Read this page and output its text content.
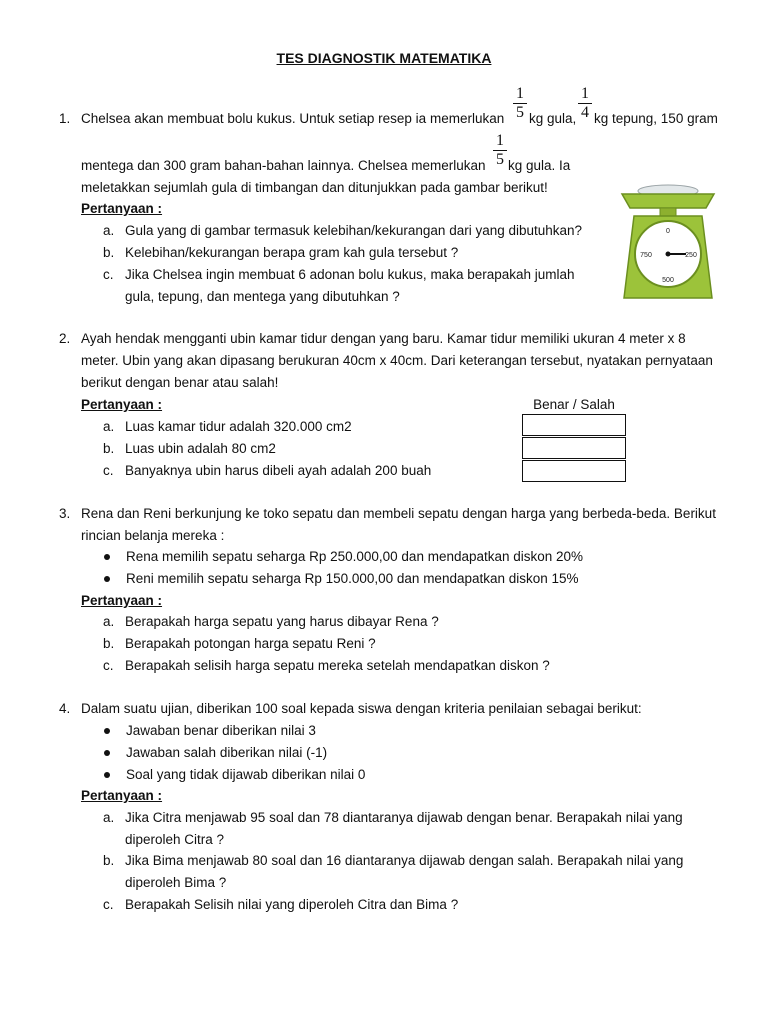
TES DIAGNOSTIK MATEMATIKA
1. Chelsea akan membuat bolu kukus. Untuk setiap resep ia memerlukan
1
5 kg gula,
1
4 kg tepung, 150 gram
mentega dan 300 gram bahan-bahan lainnya. Chelsea memerlukan
1
5 kg gula. Ia
meletakkan sejumlah gula di timbangan dan ditunjukkan pada gambar berikut!
Pertanyaan :
a. Gula yang di gambar termasuk kelebihan/kekurangan dari yang dibutuhkan?
b. Kelebihan/kekurangan berapa gram kah gula tersebut ?
c. Jika Chelsea ingin membuat 6 adonan bolu kukus, maka berapakah jumlah
gula, tepung, dan mentega yang dibutuhkan ?
0
250
500
750
2. Ayah hendak mengganti ubin kamar tidur dengan yang baru. Kamar tidur memiliki ukuran 4 meter x 8
meter. Ubin yang akan dipasang berukuran 40cm x 40cm. Dari keterangan tersebut, nyatakan pernyataan
berikut dengan benar atau salah!
Pertanyaan :	Benar / Salah
a. Luas kamar tidur adalah 320.000 cm2
b. Luas ubin adalah 80 cm2
c. Banyaknya ubin harus dibeli ayah adalah 200 buah
3. Rena dan Reni berkunjung ke toko sepatu dan membeli sepatu dengan harga yang berbeda-beda. Berikut
rincian belanja mereka :
Rena memilih sepatu seharga Rp 250.000,00 dan mendapatkan diskon 20%
Reni memilih sepatu seharga Rp 150.000,00 dan mendapatkan diskon 15%
Pertanyaan :
a. Berapakah harga sepatu yang harus dibayar Rena ?
b. Berapakah potongan harga sepatu Reni ?
c. Berapakah selisih harga sepatu mereka setelah mendapatkan diskon ?
4. Dalam suatu ujian, diberikan 100 soal kepada siswa dengan kriteria penilaian sebagai berikut:
Jawaban benar diberikan nilai 3
Jawaban salah diberikan nilai (-1)
Soal yang tidak dijawab diberikan nilai 0
Pertanyaan :
a. Jika Citra menjawab 95 soal dan 78 diantaranya dijawab dengan benar. Berapakah nilai yang
diperoleh Citra ?
b. Jika Bima menjawab 80 soal dan 16 diantaranya dijawab dengan salah. Berapakah nilai yang
diperoleh Bima ?
c. Berapakah Selisih nilai yang diperoleh Citra dan Bima ?
